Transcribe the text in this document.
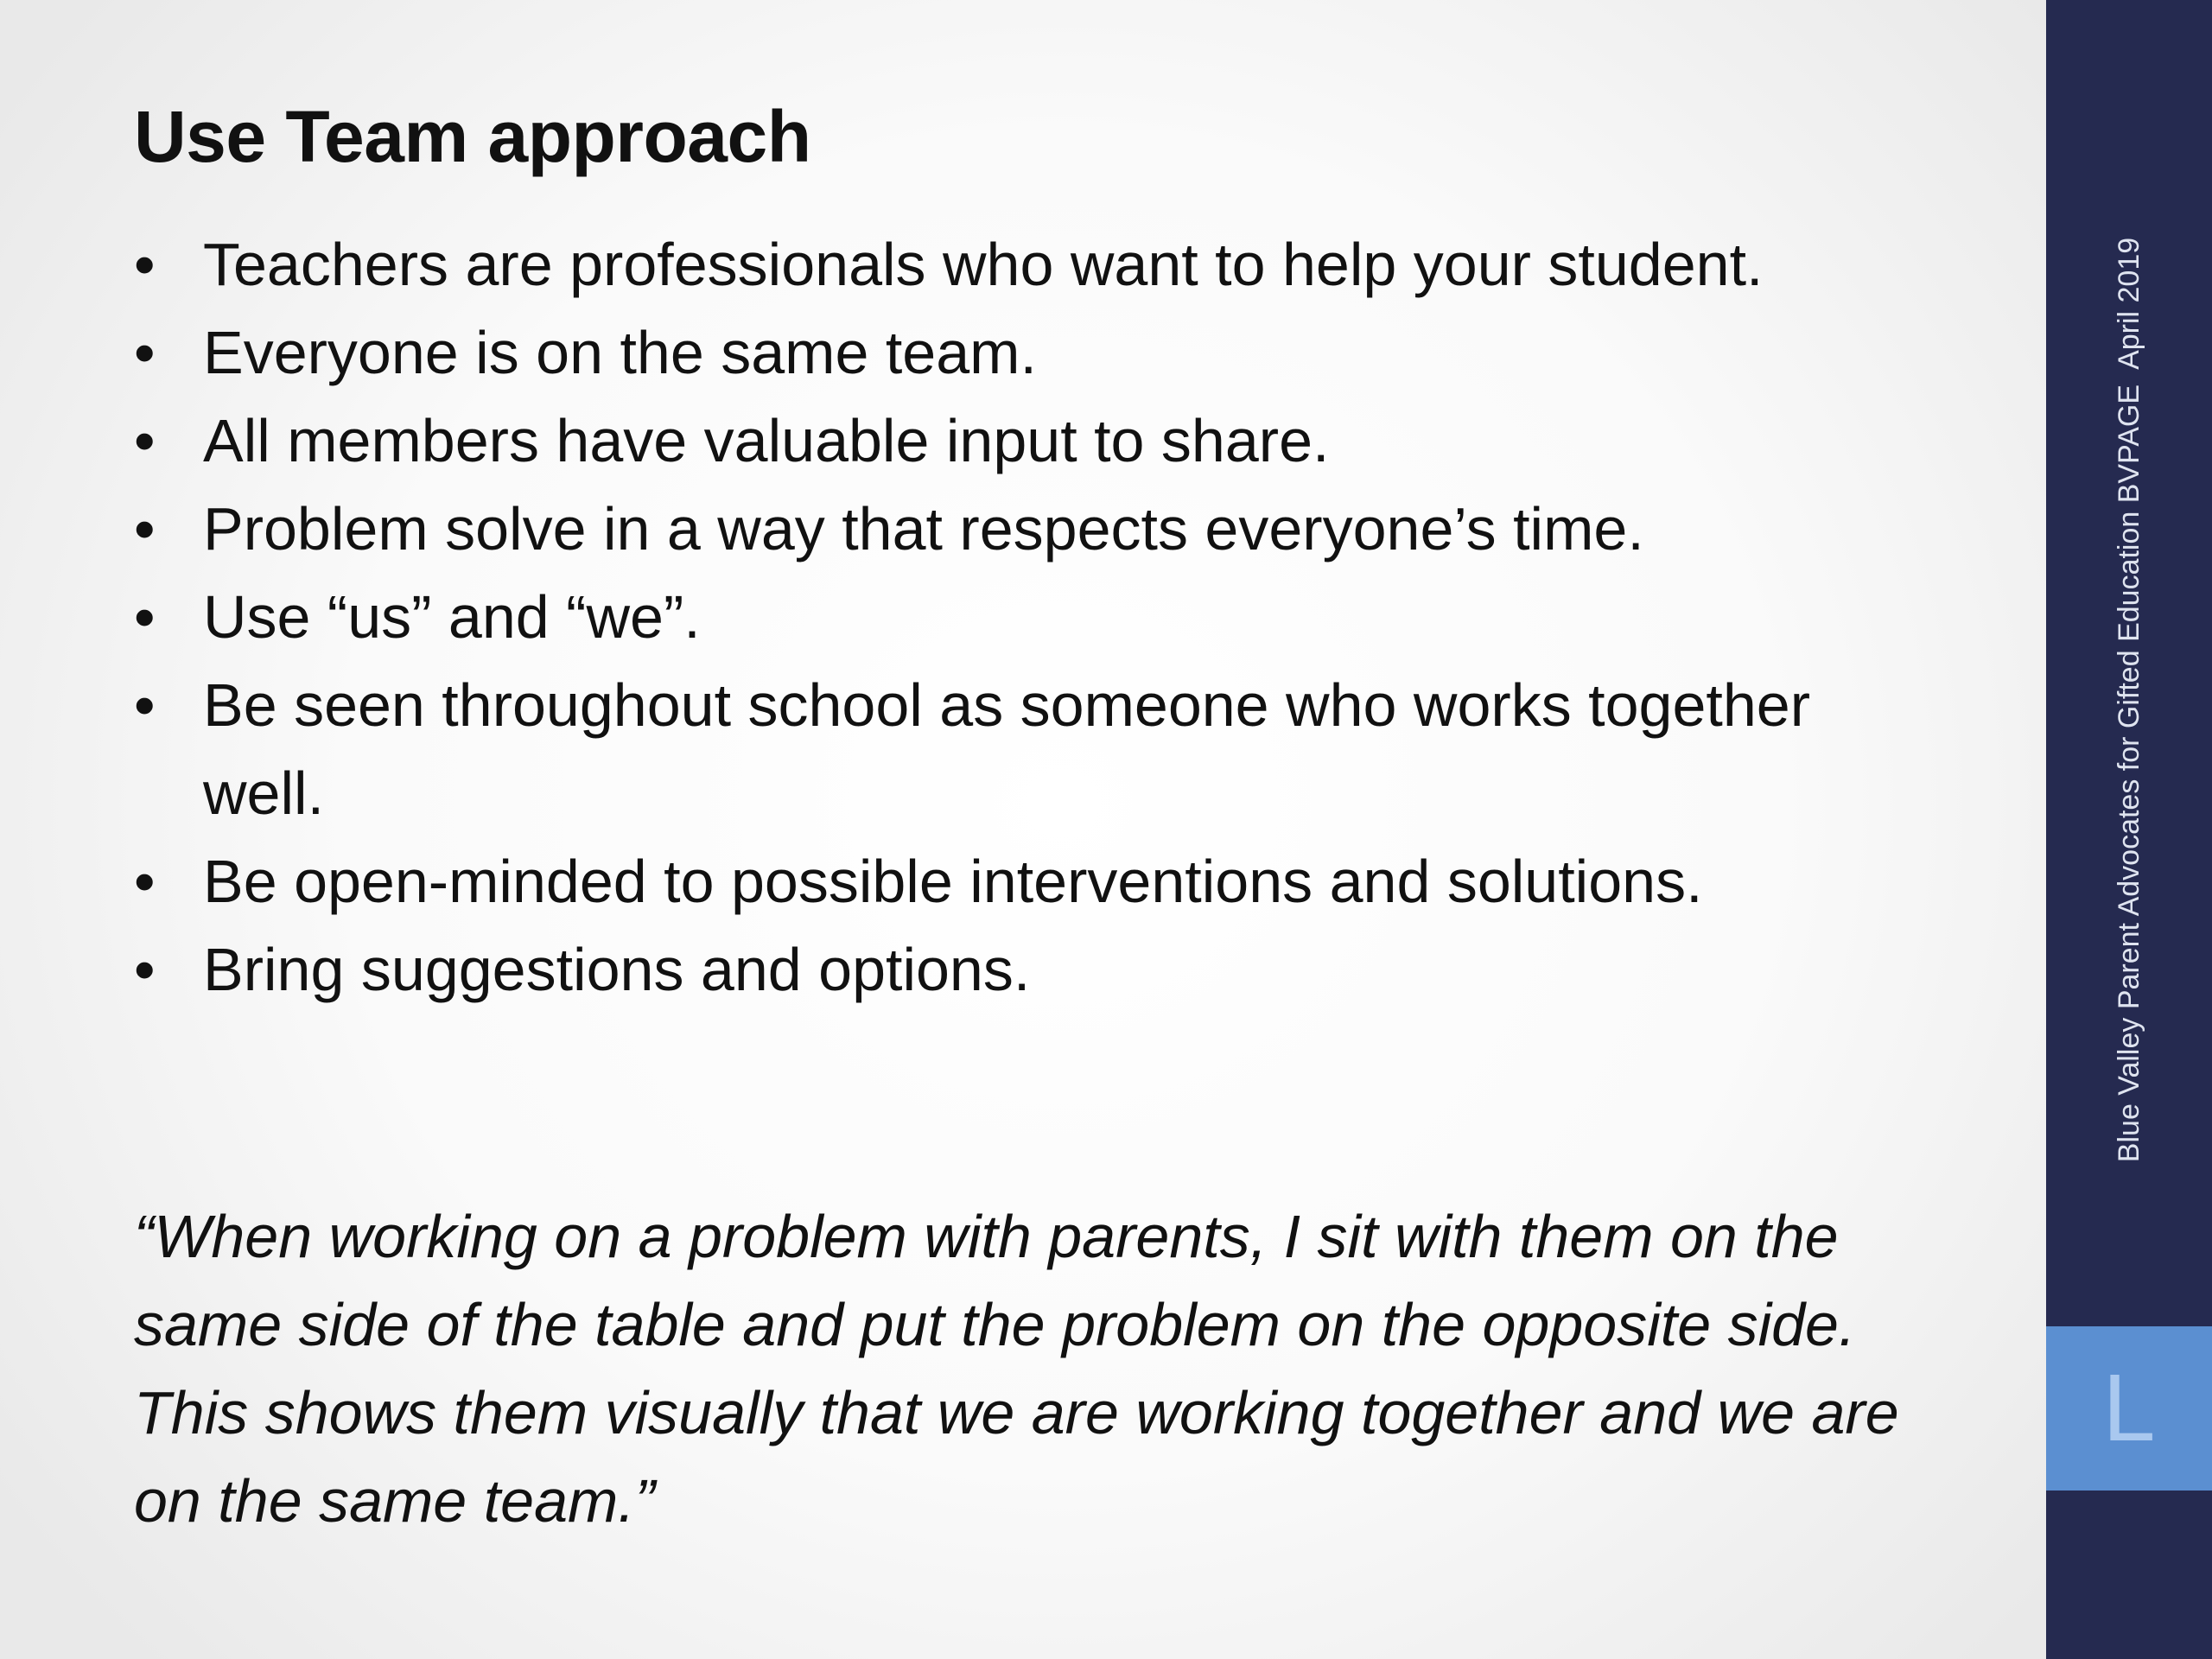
Use Team approach
• Teachers are professionals who want to help your student.
• Everyone is on the same team.
• All members have valuable input to share.
• Problem solve in a way that respects everyone’s time.
• Use “us” and “we”.
• Be seen throughout school as someone who works together well.
• Be open-minded to possible interventions and solutions.
• Bring suggestions and options.

“When working on a problem with parents, I sit with them on the same side of the table and put the problem on the opposite side. This shows them visually that we are working together and we are on the same team.”

Blue Valley Parent Advocates for Gifted Education BVPAGE  April 2019
L
